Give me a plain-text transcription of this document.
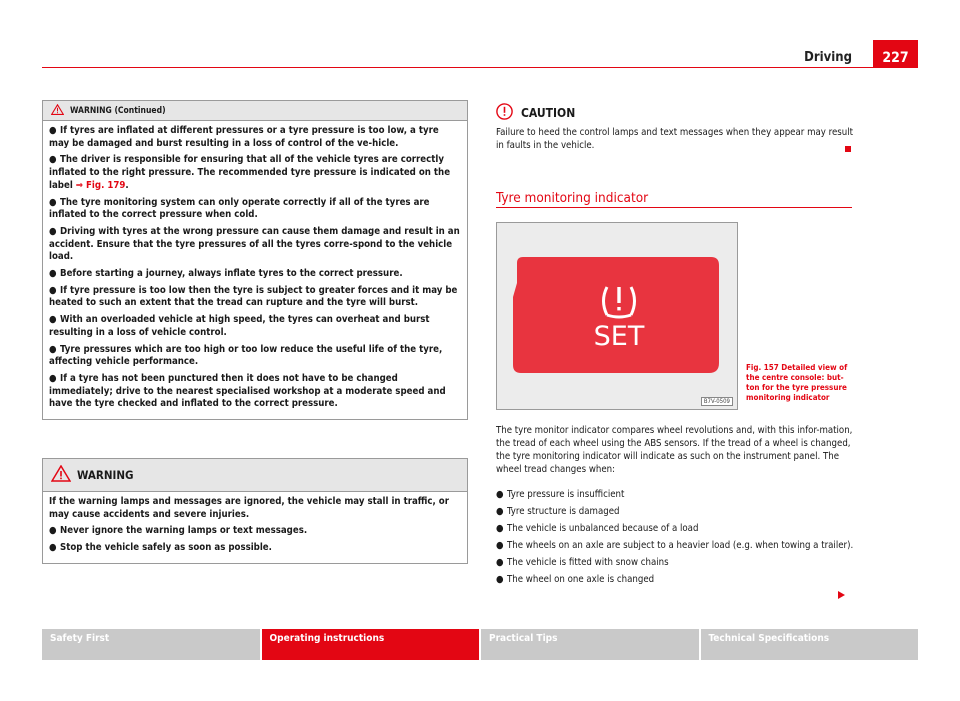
Driving	227
WARNING (Continued)

● If tyres are inflated at different pressures or a tyre pressure is too low, a tyre may be damaged and burst resulting in a loss of control of the ve-hicle.

● The driver is responsible for ensuring that all of the vehicle tyres are correctly inflated to the right pressure. The recommended tyre pressure is indicated on the label ⇒ Fig. 179.

● The tyre monitoring system can only operate correctly if all of the tyres are inflated to the correct pressure when cold.

● Driving with tyres at the wrong pressure can cause them damage and result in an accident. Ensure that the tyre pressures of all the tyres corre-spond to the vehicle load.

● Before starting a journey, always inflate tyres to the correct pressure.

● If tyre pressure is too low then the tyre is subject to greater forces and it may be heated to such an extent that the tread can rupture and the tyre will burst.

● With an overloaded vehicle at high speed, the tyres can overheat and burst resulting in a loss of vehicle control.

● Tyre pressures which are too high or too low reduce the useful life of the tyre, affecting vehicle performance.

● If a tyre has not been punctured then it does not have to be changed immediately; drive to the nearest specialised workshop at a moderate speed and have the tyre checked and inflated to the correct pressure.

WARNING

If the warning lamps and messages are ignored, the vehicle may stall in traffic, or may cause accidents and severe injuries.

● Never ignore the warning lamps or text messages.

● Stop the vehicle safely as soon as possible.

CAUTION
Failure to heed the control lamps and text messages when they appear may result in faults in the vehicle.
Tyre monitoring indicator
SET
B7V-0509
Fig. 157 Detailed view of the centre console: but-ton for the tyre pressure monitoring indicator

The tyre monitor indicator compares wheel revolutions and, with this infor-mation, the tread of each wheel using the ABS sensors. If the tread of a wheel is changed, the tyre monitoring indicator will indicate as such on the instrument panel. The wheel tread changes when:

● Tyre pressure is insufficient
● Tyre structure is damaged
● The vehicle is unbalanced because of a load
● The wheels on an axle are subject to a heavier load (e.g. when towing a trailer).
● The vehicle is fitted with snow chains
● The wheel on one axle is changed
Safety First	Operating instructions	Practical Tips	Technical Specifications
